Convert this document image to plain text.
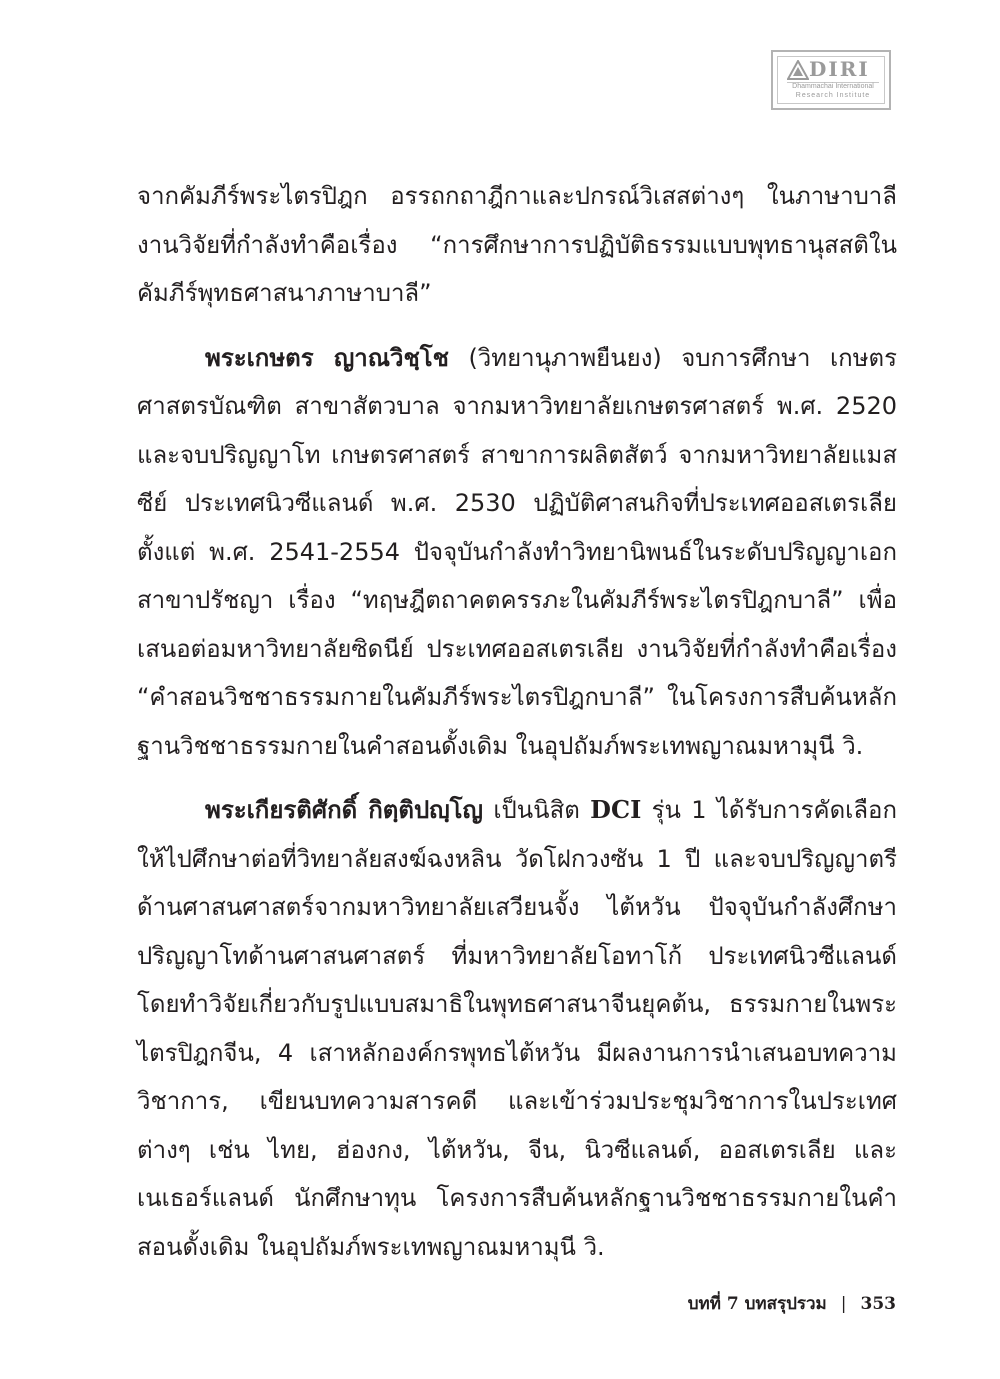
DIRI
Dhammachai International
Research Institute

จากคัมภีร์พระไตรปิฎก อรรถกถาฎีกาและปกรณ์วิเสสต่างๆ ในภาษาบาลี งานวิจัยที่กำลังทำคือเรื่อง “การศึกษาการปฏิบัติธรรมแบบพุทธานุสสติในคัมภีร์พุทธศาสนาภาษาบาลี”

พระเกษตร ญาณวิชฺโช (วิทยานุภาพยืนยง) จบการศึกษา เกษตรศาสตรบัณฑิต สาขาสัตวบาล จากมหาวิทยาลัยเกษตรศาสตร์ พ.ศ. 2520 และจบปริญญาโท เกษตรศาสตร์ สาขาการผลิตสัตว์ จากมหาวิทยาลัยแมสซีย์ ประเทศนิวซีแลนด์ พ.ศ. 2530 ปฏิบัติศาสนกิจที่ประเทศออสเตรเลียตั้งแต่ พ.ศ. 2541-2554 ปัจจุบันกำลังทำวิทยานิพนธ์ในระดับปริญญาเอก สาขาปรัชญา เรื่อง “ทฤษฎีตถาคตครรภะในคัมภีร์พระไตรปิฎกบาลี” เพื่อเสนอต่อมหาวิทยาลัยซิดนีย์ ประเทศออสเตรเลีย งานวิจัยที่กำลังทำคือเรื่อง “คำสอนวิชชาธรรมกายในคัมภีร์พระไตรปิฎกบาลี” ในโครงการสืบค้นหลักฐานวิชชาธรรมกายในคำสอนดั้งเดิม ในอุปถัมภ์พระเทพญาณมหามุนี วิ.

พระเกียรติศักดิ์ กิตฺติปญฺโญ เป็นนิสิต DCI รุ่น 1 ได้รับการคัดเลือกให้ไปศึกษาต่อที่วิทยาลัยสงฆ์ฉงหลิน วัดโฝกวงซัน 1 ปี และจบปริญญาตรีด้านศาสนศาสตร์จากมหาวิทยาลัยเสวียนจั้ง ไต้หวัน ปัจจุบันกำลังศึกษาปริญญาโทด้านศาสนศาสตร์ ที่มหาวิทยาลัยโอทาโก้ ประเทศนิวซีแลนด์ โดยทำวิจัยเกี่ยวกับรูปแบบสมาธิในพุทธศาสนาจีนยุคต้น, ธรรมกายในพระไตรปิฎกจีน, 4 เสาหลักองค์กรพุทธไต้หวัน มีผลงานการนำเสนอบทความวิชาการ, เขียนบทความสารคดี และเข้าร่วมประชุมวิชาการในประเทศต่างๆ เช่น ไทย, ฮ่องกง, ไต้หวัน, จีน, นิวซีแลนด์, ออสเตรเลีย และ เนเธอร์แลนด์ นักศึกษาทุน โครงการสืบค้นหลักฐานวิชชาธรรมกายในคำสอนดั้งเดิม ในอุปถัมภ์พระเทพญาณมหามุนี วิ.

บทที่ 7 บทสรุปรวม | 353
